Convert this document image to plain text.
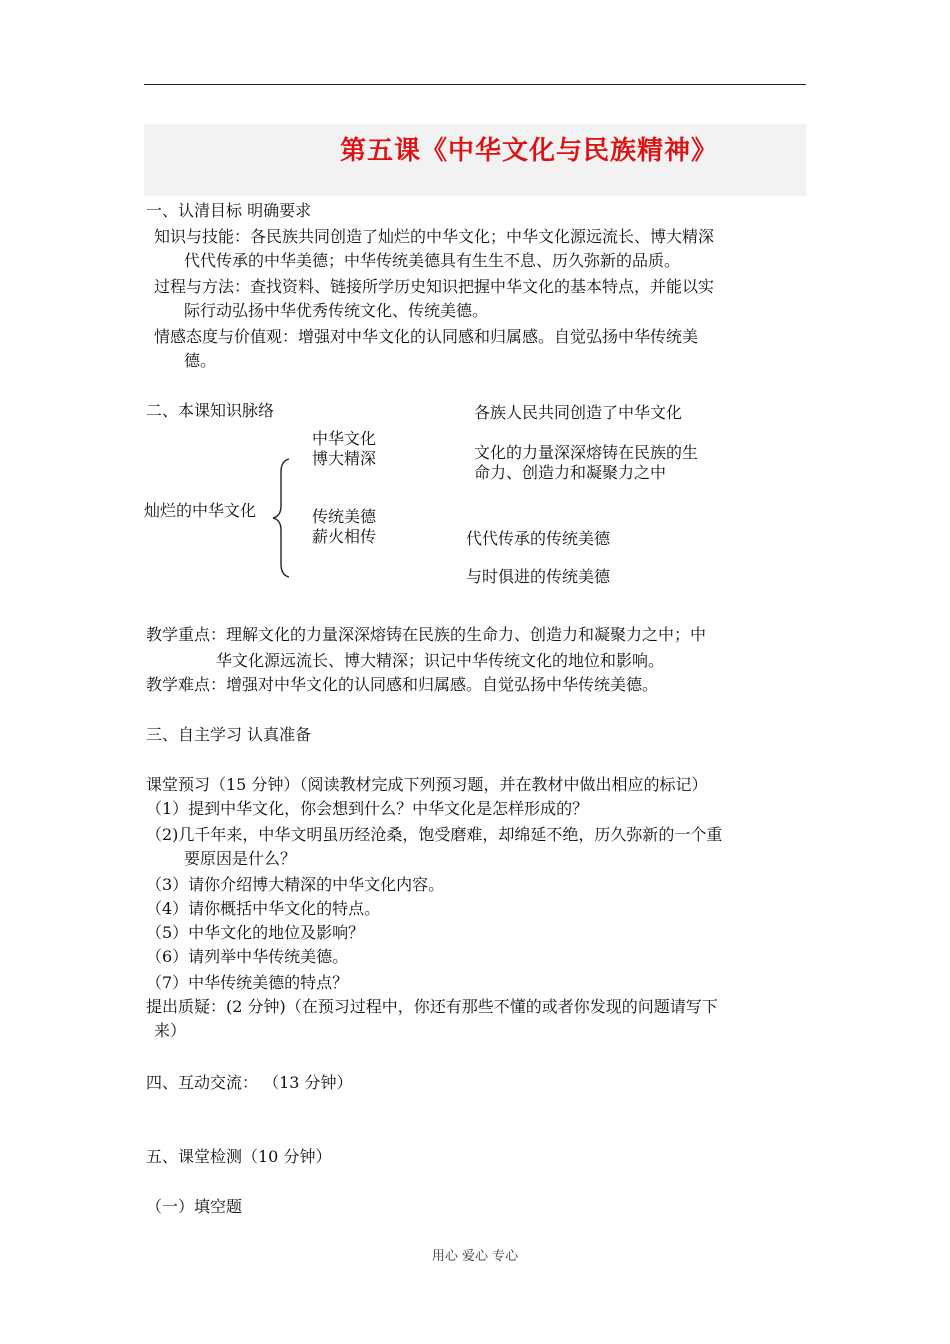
第五课《中华文化与民族精神》
一、认清目标 明确要求
知识与技能：各民族共同创造了灿烂的中华文化；中华文化源远流长、博大精深
代代传承的中华美德；中华传统美德具有生生不息、历久弥新的品质。
过程与方法：查找资料、链接所学历史知识把握中华文化的基本特点，并能以实
际行动弘扬中华优秀传统文化、传统美德。
情感态度与价值观：增强对中华文化的认同感和归属感。自觉弘扬中华传统美
德。
二、本课知识脉络	各族人民共同创造了中华文化
中华文化
博大精深	文化的力量深深熔铸在民族的生
命力、创造力和凝聚力之中
灿烂的中华文化	传统美德
薪火相传	代代传承的传统美德
与时俱进的传统美德
教学重点：理解文化的力量深深熔铸在民族的生命力、创造力和凝聚力之中；中
华文化源远流长、博大精深；识记中华传统文化的地位和影响。
教学难点：增强对中华文化的认同感和归属感。自觉弘扬中华传统美德。
三、自主学习 认真准备
课堂预习（15 分钟）（阅读教材完成下列预习题，并在教材中做出相应的标记）
（1）提到中华文化，你会想到什么？中华文化是怎样形成的？
（2)几千年来，中华文明虽历经沧桑，饱受磨难，却绵延不绝，历久弥新的一个重
要原因是什么？
（3）请你介绍博大精深的中华文化内容。
（4）请你概括中华文化的特点。
（5）中华文化的地位及影响？
（6）请列举中华传统美德。
（7）中华传统美德的特点？
提出质疑：(2 分钟)（在预习过程中，你还有那些不懂的或者你发现的问题请写下
来）
四、互动交流： （13 分钟）
五、课堂检测（10 分钟）
（一）填空题
用心 爱心 专心
